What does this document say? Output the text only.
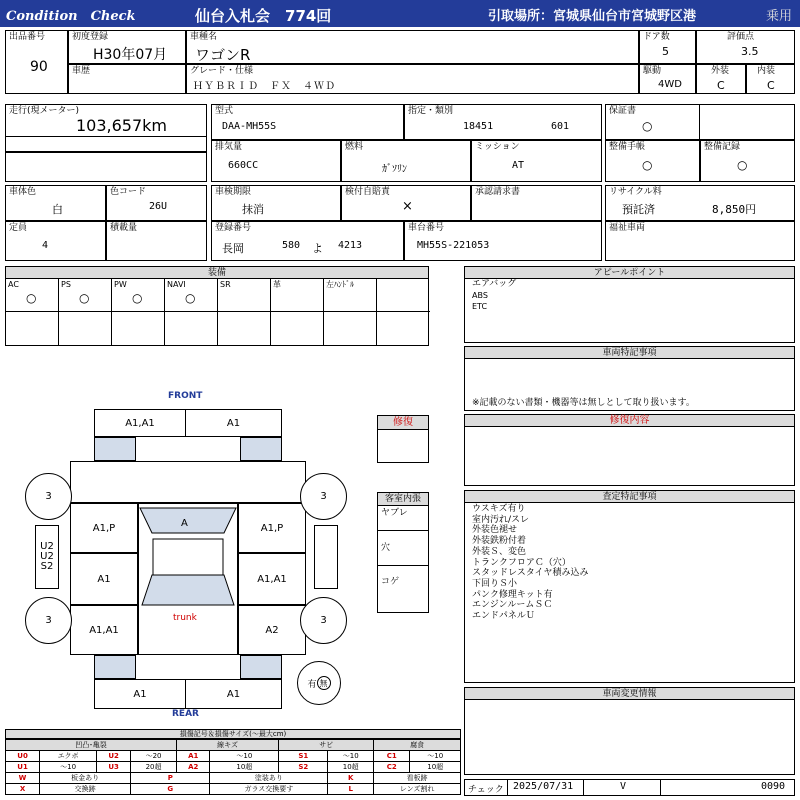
Condition　Check	仙台入札会　774回	引取場所：宮城県仙台市宮城野区港	乗用
出品番号
90
初度登録
H30年07月
車歴
車種名
ワゴンR
グレード・仕様
ＨＹＢＲＩＤ　ＦＸ　４ＷＤ
ドア数
5
評価点
3.5
駆動
4WD
外装
C
内装
C
走行(現メーター)
103,657km
型式
DAA-MH55S
指定・類別
18451	601
保証書
○
排気量
660CC
燃料
ｶﾞｿﾘﾝ
ミッション
AT
整備手帳
○
整備記録
○
車体色
白
色コード
26U
車検期限
抹消
検付自賠責
×
承認請求書	リサイクル料
預託済	8,850円
定員
4
積載量	登録番号
長岡	580 よ 4213
車台番号
MH55S-221053
福祉車両
装備
AC
○
PS
○
PW
○
NAVI
○
SR	革	左ﾊﾝﾄﾞﾙ
FRONT
REAR
A1,A1	A1
A1,P	A1,P
A1	A1,A1
A1,A1	A2
A
trunk
A1	A1
3	3
3	3
U2
U2
S2
有 無
修復
客室内張
ヤブレ
穴
コゲ
アピールポイント
エアバッグ
ABS
ETC
車両特記事項
※記載のない書類・機器等は無しとして取り扱います。
修復内容
査定特記事項
ウスキズ有り
室内汚れ/スレ
外装色褪せ
外装鉄粉付着
外装Ｓ、変色
トランクフロアＣ（穴）
スタッドレスタイヤ積み込み
下回りＳ小
パンク修理キット有
エンジンルームＳＣ
エンドパネルＵ
車両変更情報
チェック 2025/07/31	V	0090
損傷記号＆損傷サイズ(～最大cm)
凹凸･亀裂				線キズ		サビ		腐食	
U0	エクボ	U2	～20	A1	～10	S1	～10	C1	～10
U1	～10	U3	20超	A2	10超	S2	10超	C2	10超
W	板金あり		P		塗装あり		K	看板跡	
X	交換跡		G		ガラス交換要す		L	レンズ割れ	
